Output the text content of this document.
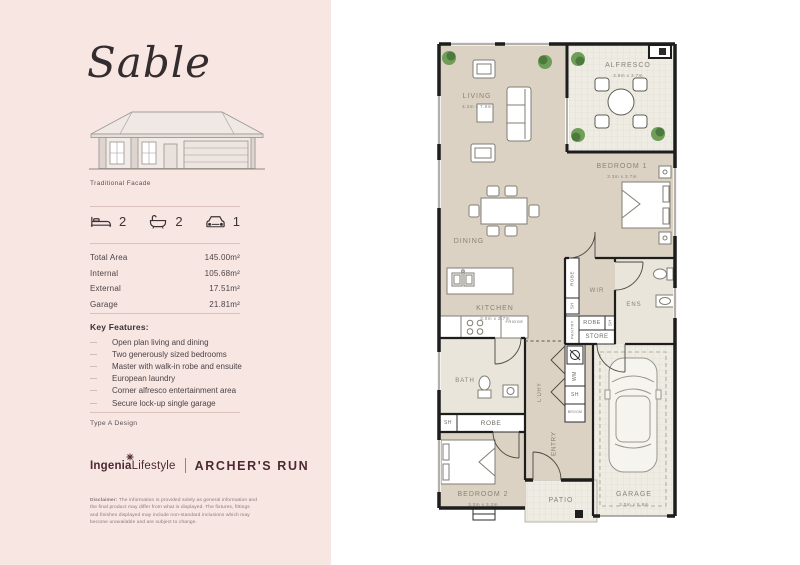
Sable
Traditional Facade
2	2	1
Total Area	145.00m²
Internal	105.68m²
External	17.51m²
Garage	21.81m²
Key Features:
—	Open plan living and dining
—	Two generously sized bedrooms
—	Master with walk-in robe and ensuite
—	European laundry
—	Corner alfresco entertainment area
—	Secure lock-up single garage
Type A Design
IngeniaLifestyle ARCHER'S RUN

Disclaimer: The information is provided solely as general information and the final product may differ from what is displayed. The fixtures, fittings and finishes displayed may include non-standard inclusions which may become unavailable and are subject to change.

LIVING
4.2m x 7.8m
ALFRESCO
3.9m x 3.7m
BEDROOM 1
3.3m x 3.7m
DINING
KITCHEN
3.0m x 2.7m
WIR
ENS
ROBE
SH
PANTRY	ROBE	SH
STORE
FRIDGE
BATH
SH	ROBE
L'DRY
WM
SH
BROOM
ENTRY
BEDROOM 2
3.0m x 3.2m
PATIO
GARAGE
3.0m x 5.8m
